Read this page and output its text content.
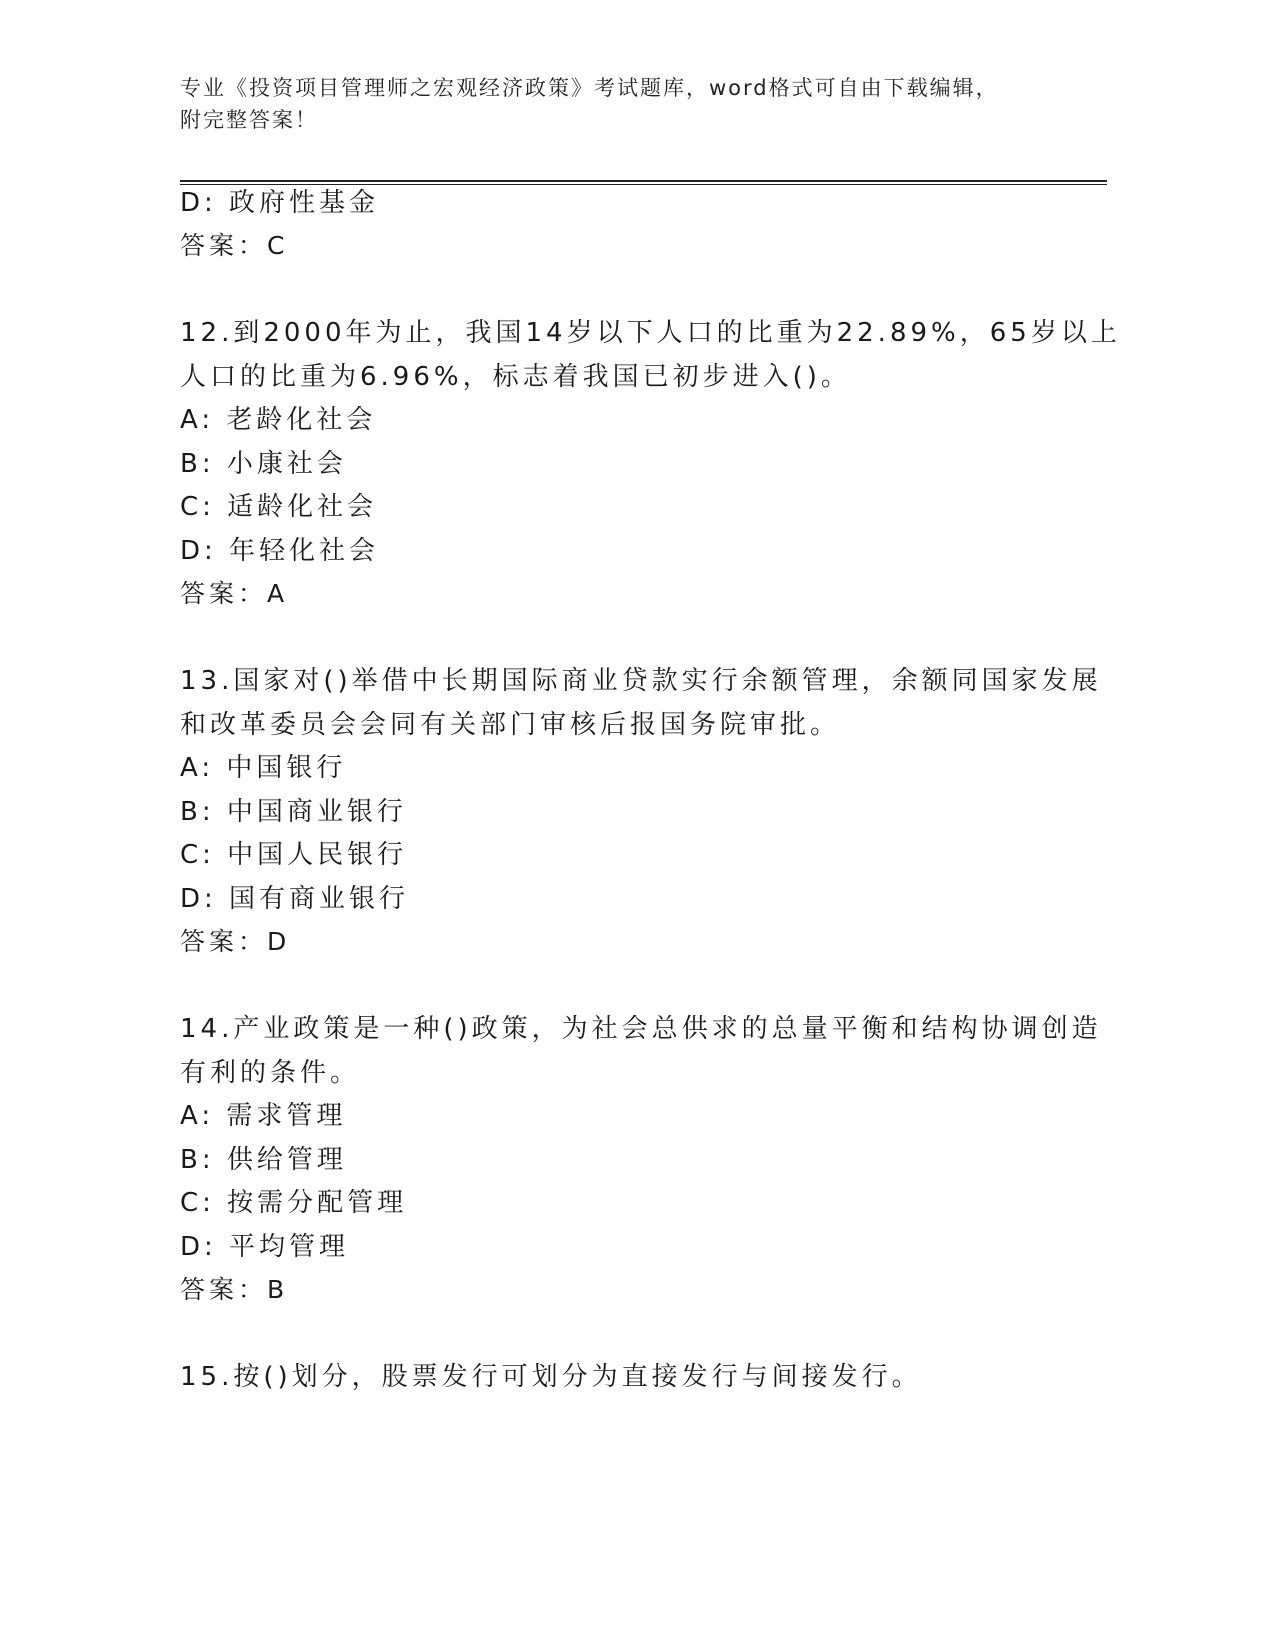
专业《投资项目管理师之宏观经济政策》考试题库，word格式可自由下载编辑，
附完整答案！
D: 政府性基金
答案：C
12.到2000年为止，我国14岁以下人口的比重为22.89%，65岁以上
人口的比重为6.96%，标志着我国已初步进入()。
A: 老龄化社会
B: 小康社会
C: 适龄化社会
D: 年轻化社会
答案：A
13.国家对()举借中长期国际商业贷款实行余额管理，余额同国家发展
和改革委员会会同有关部门审核后报国务院审批。
A: 中国银行
B: 中国商业银行
C: 中国人民银行
D: 国有商业银行
答案：D
14.产业政策是一种()政策，为社会总供求的总量平衡和结构协调创造
有利的条件。
A: 需求管理
B: 供给管理
C: 按需分配管理
D: 平均管理
答案：B
15.按()划分，股票发行可划分为直接发行与间接发行。
